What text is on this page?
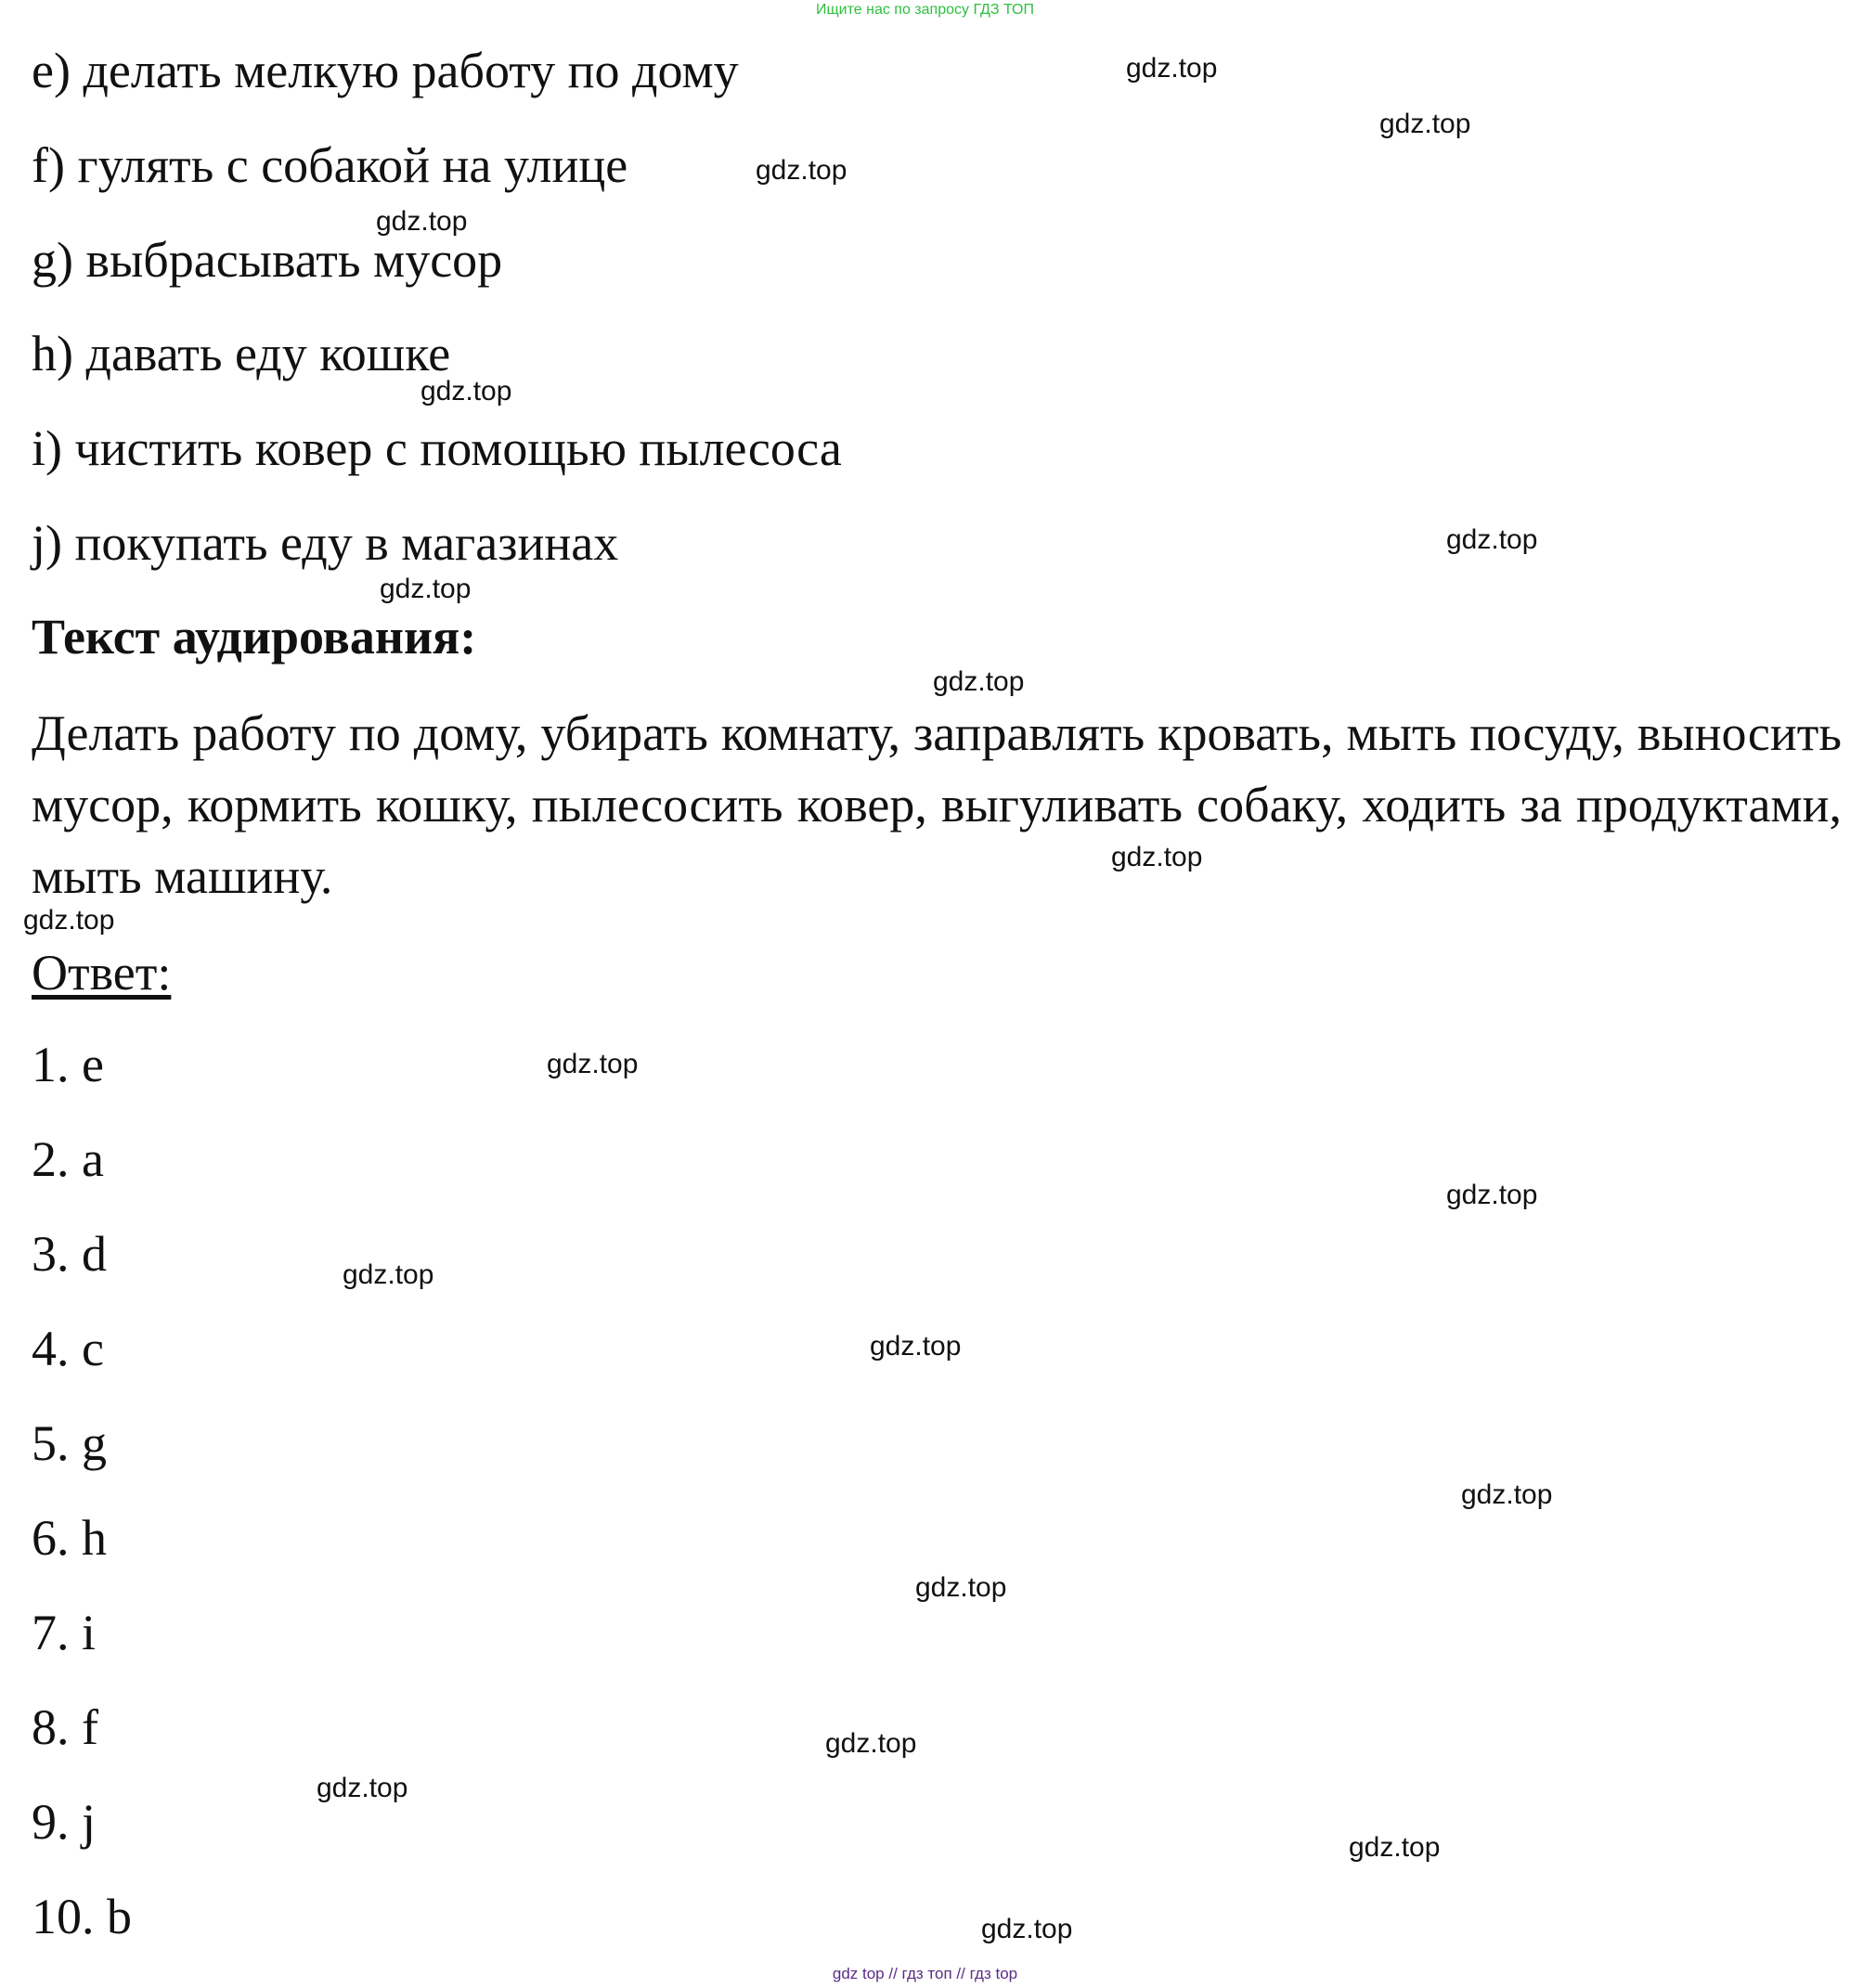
Ищите нас по запросу ГДЗ ТОП
e) делать мелкую работу по дому
f) гулять с собакой на улице
g) выбрасывать мусор
h) давать еду кошке
i) чистить ковер с помощью пылесоса
j) покупать еду в магазинах
Текст аудирования:
Делать работу по дому, убирать комнату, заправлять кровать, мыть посуду, выносить мусор, кормить кошку, пылесосить ковер, выгуливать собаку, ходить за продуктами, мыть машину.
Ответ:
1. e
2. a
3. d
4. c
5. g
6. h
7. i
8. f
9. j
10. b
gdz.top
gdz.top
gdz.top
gdz.top
gdz.top
gdz.top
gdz.top
gdz.top
gdz.top
gdz.top
gdz.top
gdz.top
gdz.top
gdz.top
gdz.top
gdz.top
gdz.top
gdz.top
gdz.top
gdz.top
gdz top // гдз топ // гдз top
